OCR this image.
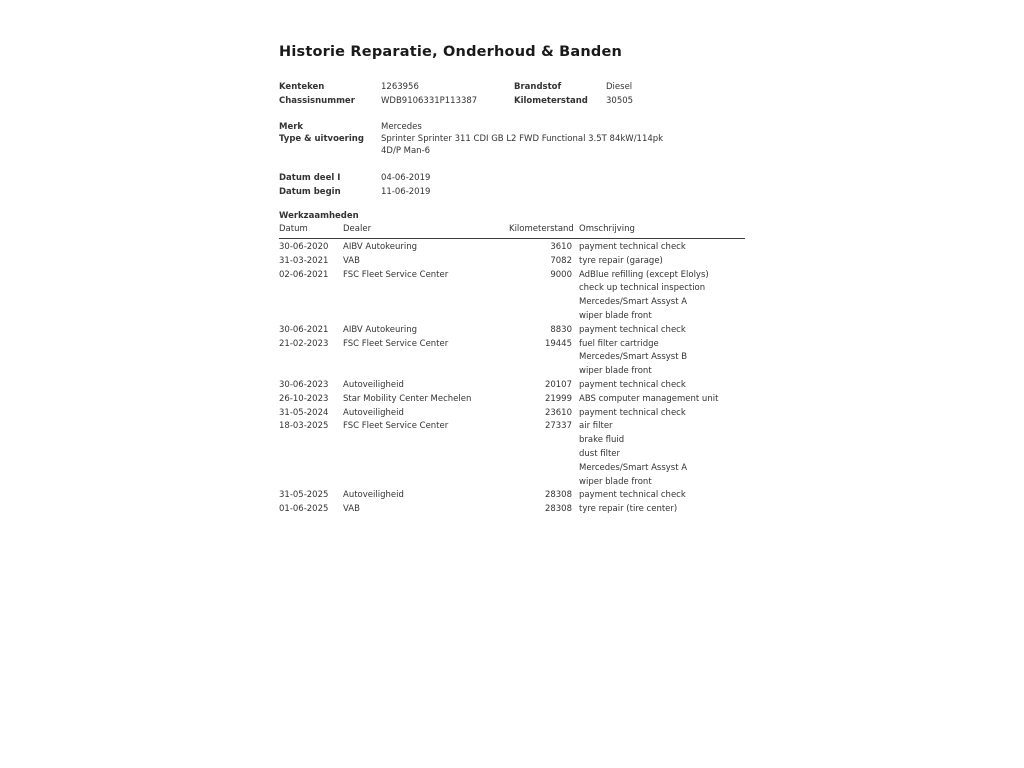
Historie Reparatie, Onderhoud & Banden
Kenteken	1263956	Brandstof	Diesel
Chassisnummer	WDB9106331P113387	Kilometerstand	30505
Merk	Mercedes
Type & uitvoering	Sprinter Sprinter 311 CDI GB L2 FWD Functional 3.5T 84kW/114pk 4D/P Man-6
Datum deel I	04-06-2019
Datum begin	11-06-2019
Werkzaamheden
Datum	Dealer	Kilometerstand Omschrijving
30-06-2020	AIBV Autokeuring	3610 payment technical check
31-03-2021	VAB	7082 tyre repair (garage)
02-06-2021	FSC Fleet Service Center	9000 AdBlue refilling (except Elolys)
check up technical inspection
Mercedes/Smart Assyst A
wiper blade front
30-06-2021	AIBV Autokeuring	8830 payment technical check
21-02-2023	FSC Fleet Service Center	19445 fuel filter cartridge
Mercedes/Smart Assyst B
wiper blade front
30-06-2023	Autoveiligheid	20107 payment technical check
26-10-2023	Star Mobility Center Mechelen	21999 ABS computer management unit
31-05-2024	Autoveiligheid	23610 payment technical check
18-03-2025	FSC Fleet Service Center	27337 air filter
brake fluid
dust filter
Mercedes/Smart Assyst A
wiper blade front
31-05-2025	Autoveiligheid	28308 payment technical check
01-06-2025	VAB	28308 tyre repair (tire center)
